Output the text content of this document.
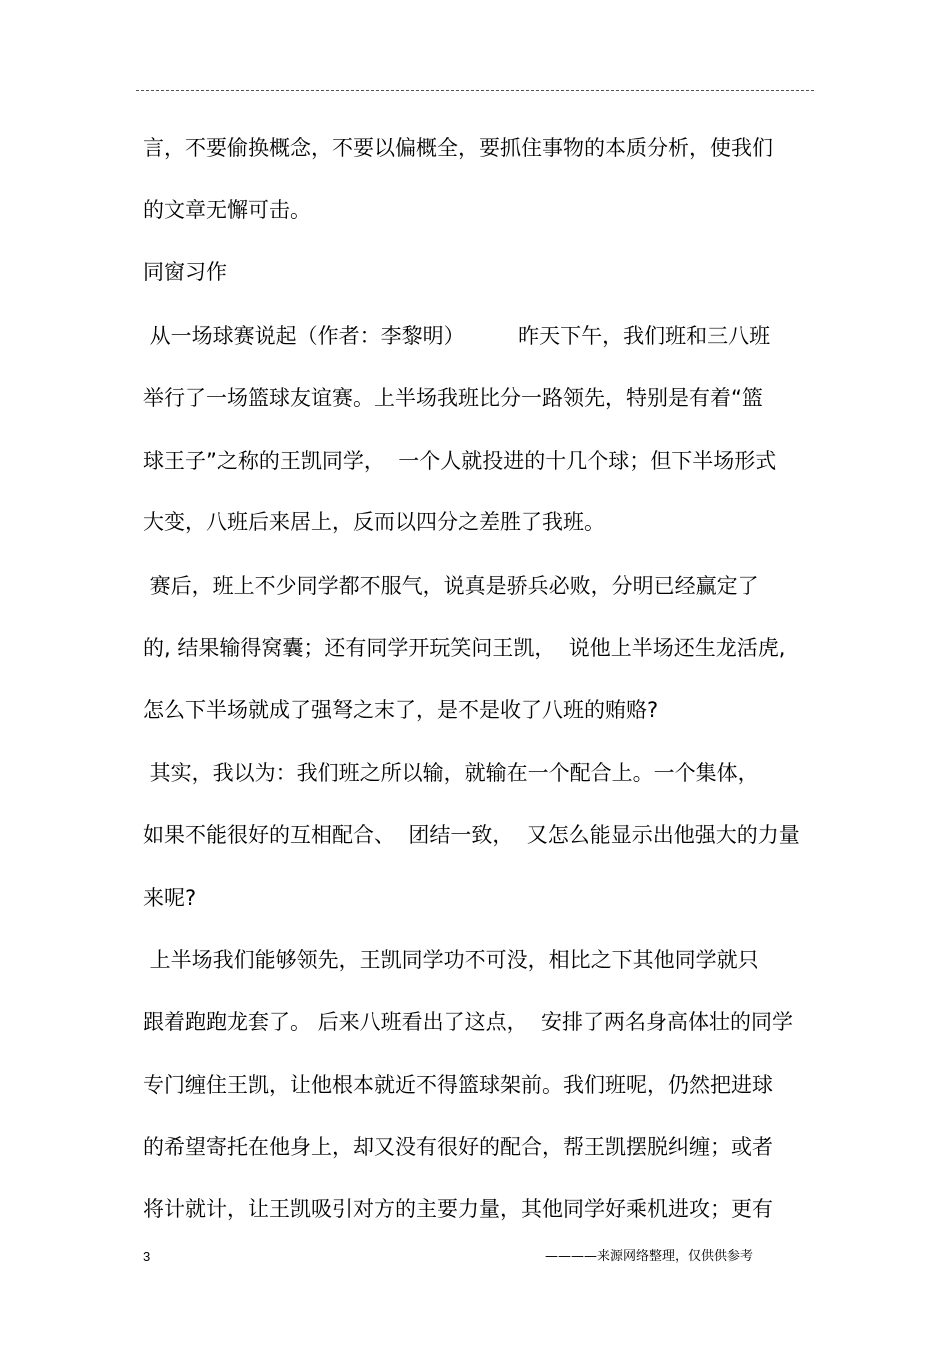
言，不要偷换概念，不要以偏概全，要抓住事物的本质分析，使我们
的文章无懈可击。
同窗习作
从一场球赛说起（作者：李黎明）        昨天下午，我们班和三八班
举行了一场篮球友谊赛。上半场我班比分一路领先，特别是有着“篮
球王子”之称的王凯同学，  一个人就投进的十几个球；但下半场形式
大变，八班后来居上，反而以四分之差胜了我班。
赛后，班上不少同学都不服气，说真是骄兵必败，分明已经赢定了
的, 结果输得窝囊；还有同学开玩笑问王凯，  说他上半场还生龙活虎,
怎么下半场就成了强弩之末了，是不是收了八班的贿赂?
其实，我以为：我们班之所以输，就输在一个配合上。一个集体，
如果不能很好的互相配合、  团结一致，  又怎么能显示出他强大的力量
来呢?
上半场我们能够领先，王凯同学功不可没，相比之下其他同学就只
跟着跑跑龙套了。 后来八班看出了这点，  安排了两名身高体壮的同学
专门缠住王凯，让他根本就近不得篮球架前。我们班呢，仍然把进球
的希望寄托在他身上，却又没有很好的配合，帮王凯摆脱纠缠；或者
将计就计，让王凯吸引对方的主要力量，其他同学好乘机进攻；更有
3	————来源网络整理，仅供供参考
